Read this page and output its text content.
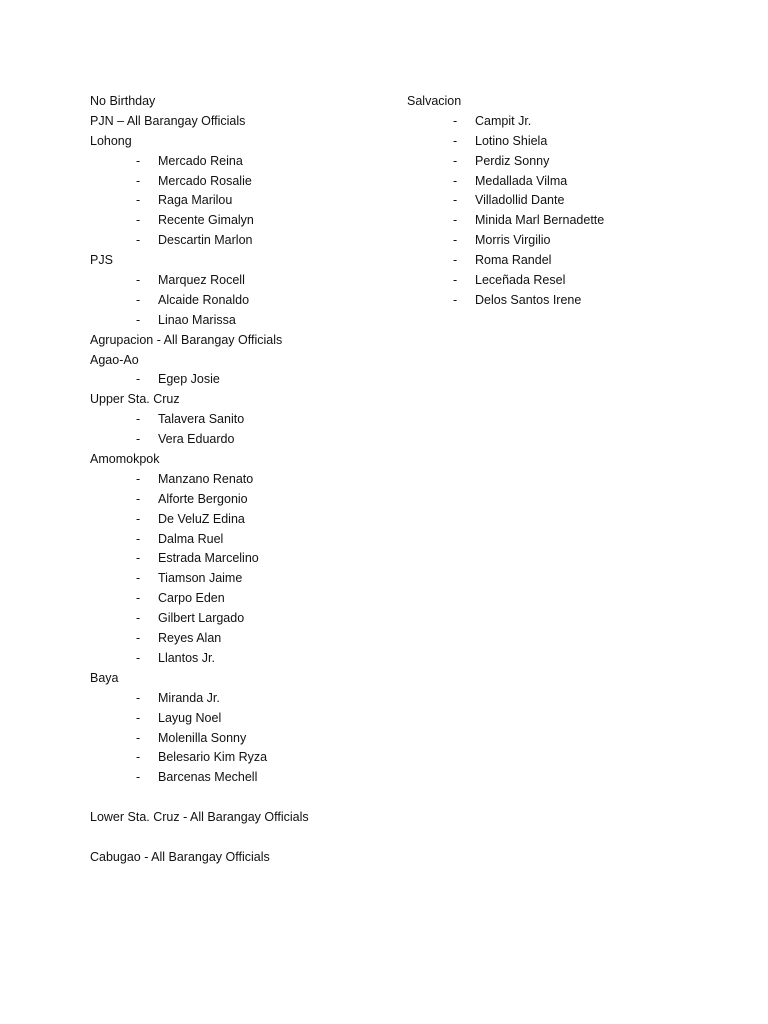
No Birthday
PJN – All Barangay Officials
Lohong
- Mercado Reina
- Mercado Rosalie
- Raga Marilou
- Recente Gimalyn
- Descartin Marlon
PJS
- Marquez Rocell
- Alcaide Ronaldo
- Linao Marissa
Agrupacion - All Barangay Officials
Agao-Ao
- Egep Josie
Upper Sta. Cruz
- Talavera Sanito
- Vera Eduardo
Amomokpok
- Manzano Renato
- Alforte Bergonio
- De VeluZ Edina
- Dalma Ruel
- Estrada Marcelino
- Tiamson Jaime
- Carpo Eden
- Gilbert Largado
- Reyes Alan
- Llantos Jr.
Baya
- Miranda Jr.
- Layug Noel
- Molenilla Sonny
- Belesario Kim Ryza
- Barcenas Mechell
Lower Sta. Cruz - All Barangay Officials
Cabugao - All Barangay Officials
Salvacion
- Campit Jr.
- Lotino Shiela
- Perdiz Sonny
- Medallada Vilma
- Villadollid Dante
- Minida Marl Bernadette
- Morris Virgilio
- Roma Randel
- Leceñada Resel
- Delos Santos Irene
